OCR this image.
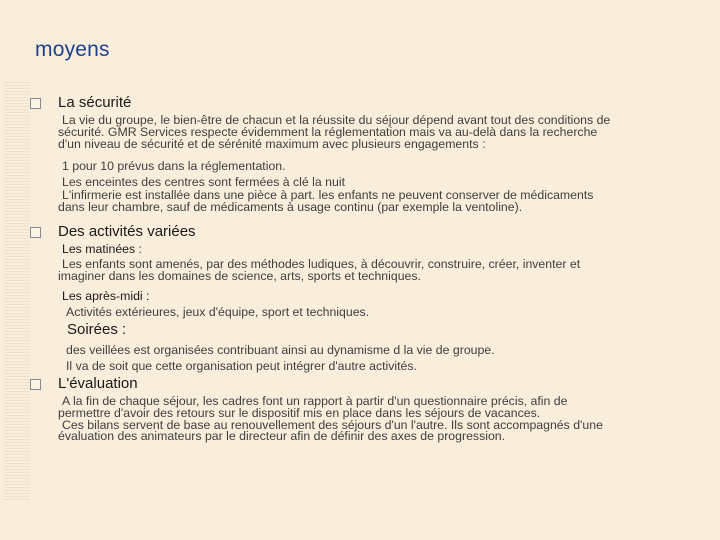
moyens
La sécurité
La vie du groupe, le bien-être de chacun et la réussite du séjour dépend avant tout des conditions de
sécurité. GMR Services respecte évidemment la réglementation mais va au-delà dans la recherche
d'un niveau de sécurité et de sérénité maximum avec plusieurs engagements :
1 pour 10 prévus dans la réglementation.
Les enceintes des centres sont fermées à clé la nuit
L'infirmerie est installée dans une pièce à part. les enfants ne peuvent conserver de médicaments
dans leur chambre, sauf de médicaments à usage continu (par exemple la ventoline).
Des activités variées
Les matinées :
Les enfants sont amenés, par des méthodes ludiques, à découvrir, construire, créer, inventer et
imaginer dans les domaines de science, arts, sports et techniques.
Les après-midi :
Activités extérieures, jeux d'équipe, sport et techniques.
Soirées :
des veillées est organisées contribuant ainsi au dynamisme d la vie de groupe.
Il va de soit que cette organisation peut intégrer d'autre activités.
L'évaluation
A la fin de chaque séjour, les cadres font un rapport à partir d'un questionnaire précis, afin de
permettre d'avoir des retours sur le dispositif mis en place dans les séjours de vacances.
Ces bilans servent de base au renouvellement des séjours d'un l'autre. Ils sont accompagnés d'une
évaluation des animateurs par le directeur afin de définir des axes de progression.
